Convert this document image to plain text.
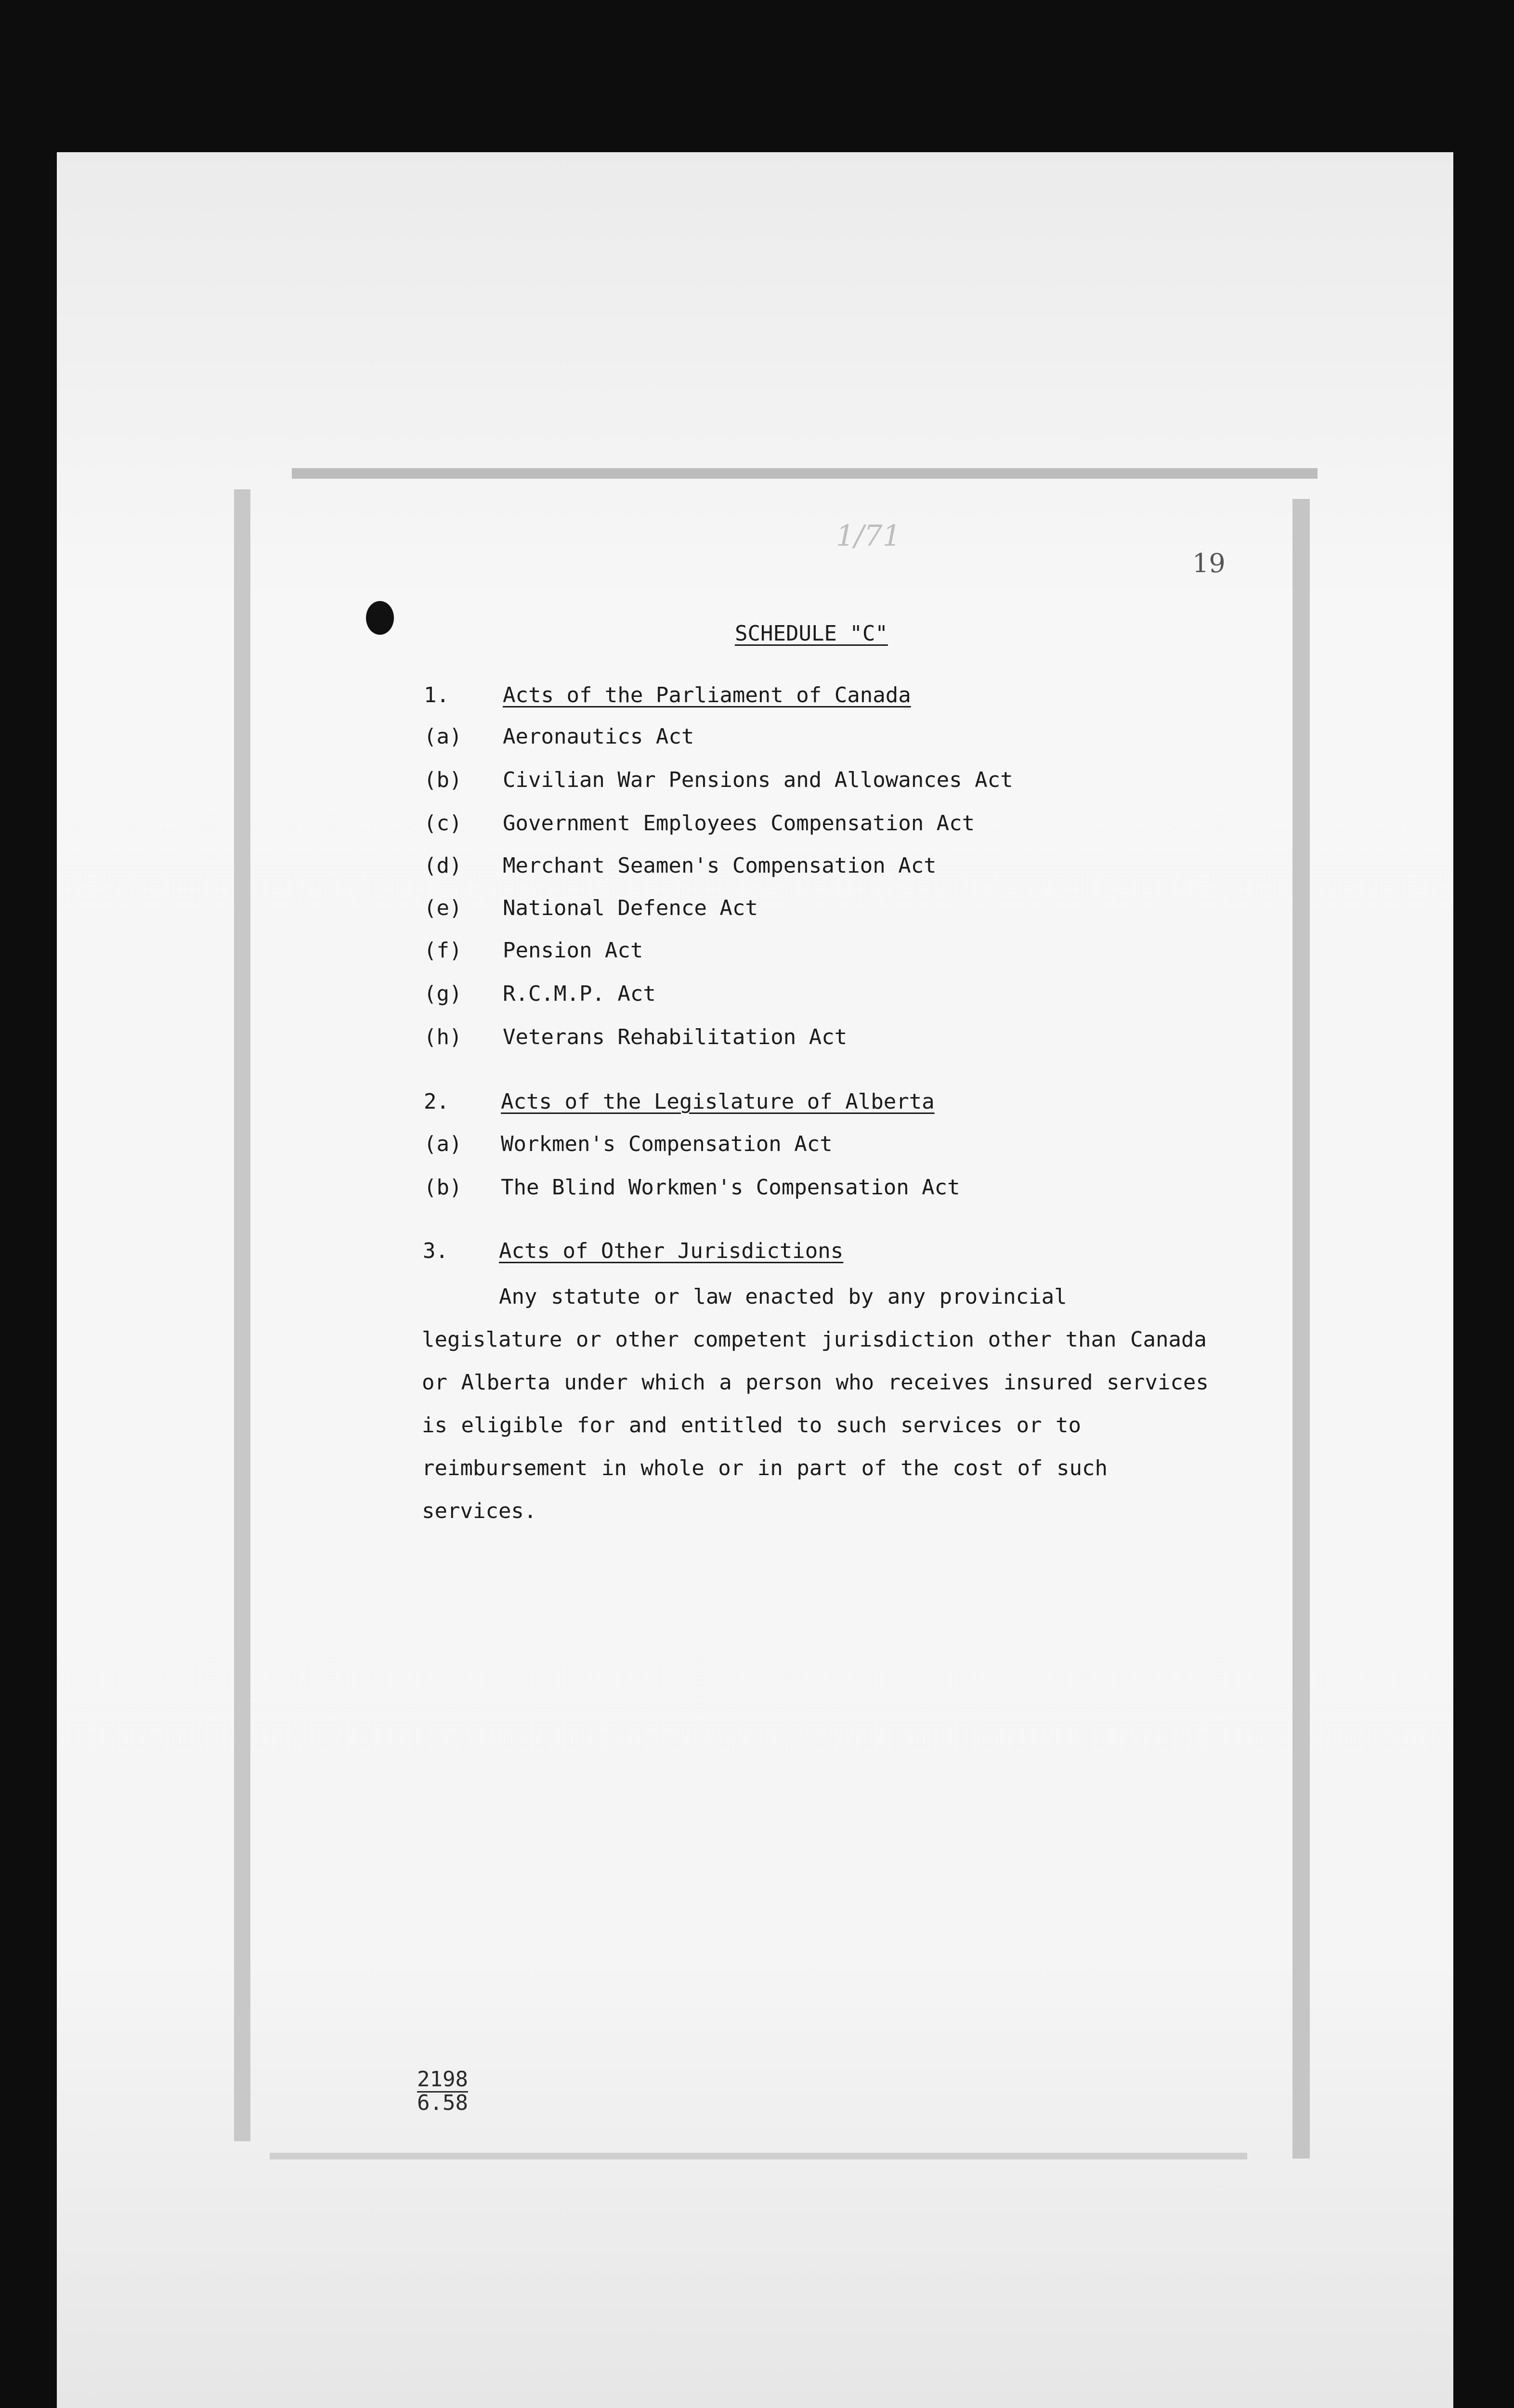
1/71
19
SCHEDULE "C"
1.	Acts of the Parliament of Canada
(a) Aeronautics Act
(b) Civilian War Pensions and Allowances Act
(c) Government Employees Compensation Act
(d) Merchant Seamen's Compensation Act
(e) National Defence Act
(f) Pension Act
(g) R.C.M.P. Act
(h) Veterans Rehabilitation Act
2. Acts of the Legislature of Alberta
(a) Workmen's Compensation Act
(b) The Blind Workmen's Compensation Act
3. Acts of Other Jurisdictions
Any statute or law enacted by any provincial legislature or other competent jurisdiction other than Canada or Alberta under which a person who receives insured services is eligible for and entitled to such services or to reimbursement in whole or in part of the cost of such services.
2198
6.58
